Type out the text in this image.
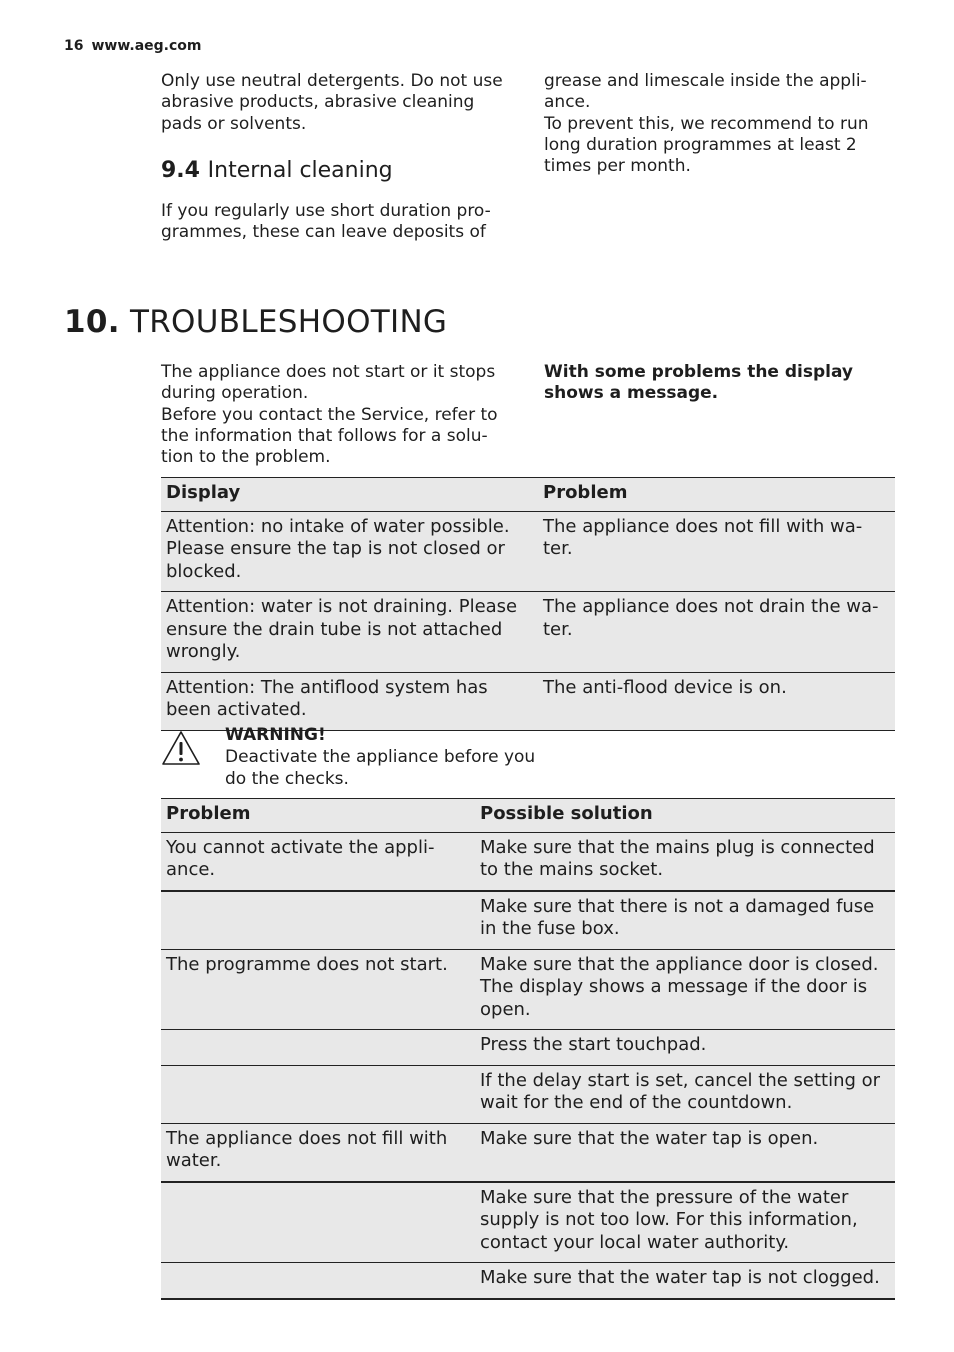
16 www.aeg.com

Only use neutral detergents. Do not use abrasive products, abrasive cleaning pads or solvents.

9.4 Internal cleaning
If you regularly use short duration pro-
grammes, these can leave deposits of
grease and limescale inside the appli-
ance.
To prevent this, we recommend to run
long duration programmes at least 2
times per month.
10. TROUBLESHOOTING
The appliance does not start or it stops
during operation.
Before you contact the Service, refer to
the information that follows for a solu-
tion to the problem.
With some problems the display
shows a message.
Display	Problem
Attention: no intake of water possible. Please ensure the tap is not closed or blocked.	The appliance does not fill with wa-
ter.

Attention: water is not draining. Please ensure the drain tube is not attached wrongly.	The appliance does not drain the wa-
ter.

Attention: The antiflood system has been activated.	The anti-flood device is on.
WARNING!
Deactivate the appliance before you do the checks.
Problem	Possible solution

You cannot activate the appli-
ance.	Make sure that the mains plug is connected to the mains socket.
	Make sure that there is not a damaged fuse in the fuse box.

The programme does not start.	Make sure that the appliance door is closed. The display shows a message if the door is open.
	Press the start touchpad.
	If the delay start is set, cancel the setting or wait for the end of the countdown.

The appliance does not fill with
water.	Make sure that the water tap is open.
	Make sure that the pressure of the water supply is not too low. For this information, contact your local water authority.
	Make sure that the water tap is not clogged.
